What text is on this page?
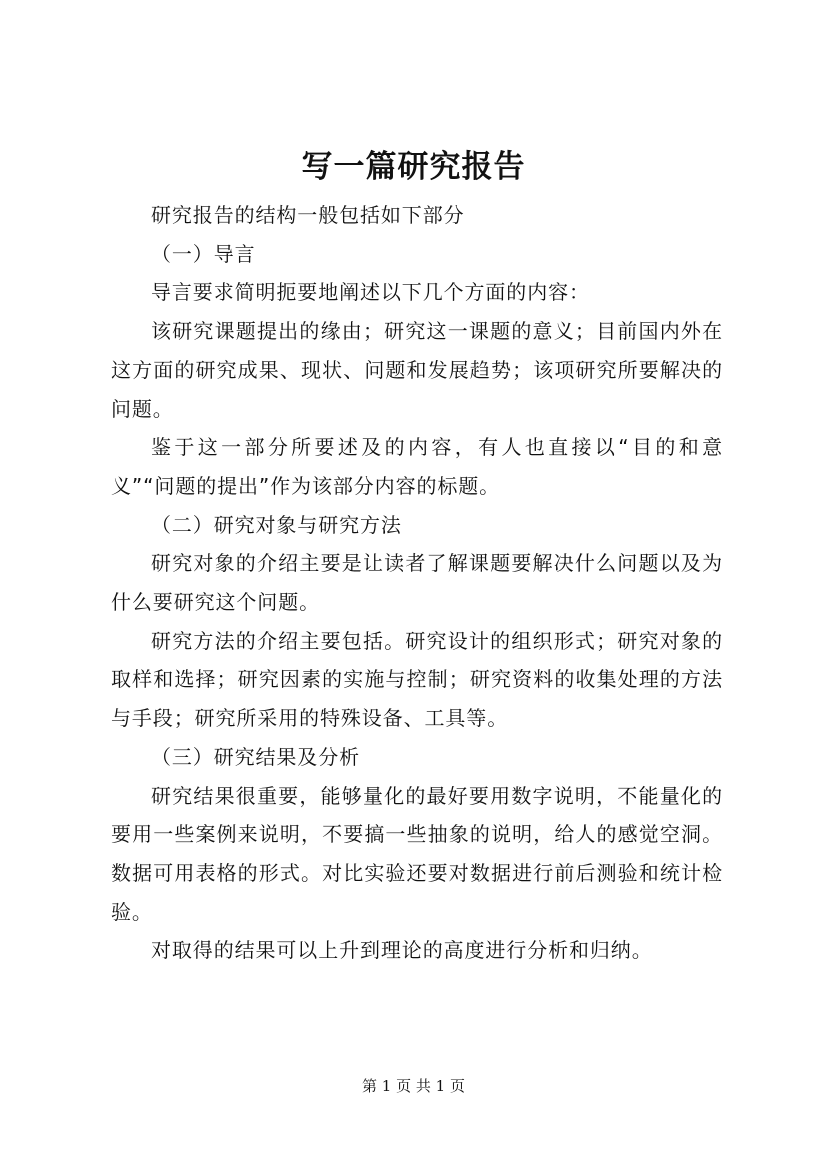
写一篇研究报告

研究报告的结构一般包括如下部分

（一）导言

导言要求简明扼要地阐述以下几个方面的内容：

该研究课题提出的缘由；研究这一课题的意义；目前国内外在这方面的研究成果、现状、问题和发展趋势；该项研究所要解决的问题。

鉴于这一部分所要述及的内容，有人也直接以“目的和意义”“问题的提出”作为该部分内容的标题。

（二）研究对象与研究方法

研究对象的介绍主要是让读者了解课题要解决什么问题以及为什么要研究这个问题。

研究方法的介绍主要包括。研究设计的组织形式；研究对象的取样和选择；研究因素的实施与控制；研究资料的收集处理的方法与手段；研究所采用的特殊设备、工具等。

（三）研究结果及分析

研究结果很重要，能够量化的最好要用数字说明，不能量化的要用一些案例来说明，不要搞一些抽象的说明，给人的感觉空洞。数据可用表格的形式。对比实验还要对数据进行前后测验和统计检验。

对取得的结果可以上升到理论的高度进行分析和归纳。

第 1 页 共 1 页
